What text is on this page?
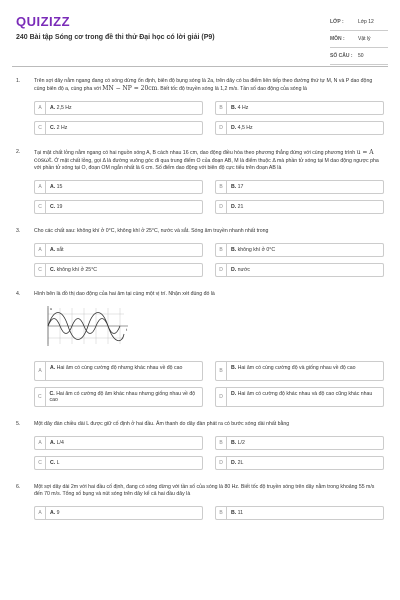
QUIZIZZ
240 Bài tập Sóng cơ trong đề thi thử Đại học có lời giải (P9)
LỚP :	Lớp 12
MÔN :	Vật lý
SỐ CÂU :	50
1.	Trên sợi dây nằm ngang đang có sóng dừng ổn định, biên độ bụng sóng là 2a, trên dây có ba điểm liên tiếp theo đường thứ tự M, N và P dao động cùng biên độ a, cùng pha với MN − NP = 20cm. Biết tốc độ truyền sóng là 1,2 m/s. Tần số dao động của sóng là
A	A. 2,5 Hz	B	B. 4 Hz
C	C. 2 Hz	D	D. 4,5 Hz
2.	Tại mặt chất lỏng nằm ngang có hai nguồn sóng A, B cách nhau 16 cm, dao động điều hòa theo phương thẳng đứng với cùng phương trình u = A cosωt. Ở mặt chất lỏng, gọi Δ là đường vuông góc đi qua trung điểm O của đoạn AB, M là điểm thuộc Δ mà phần tử sóng tại M dao động ngược pha với phần tử sóng tại O, đoạn OM ngắn nhất là 6 cm. Số điểm dao động với biên độ cực tiểu trên đoạn AB là
A	A. 15	B	B. 17
C	C. 19	D	D. 21
3.	Cho các chất sau: không khí ở 0°C, không khí ở 25°C, nước và sắt. Sóng âm truyền nhanh nhất trong
A	A. sắt	B	B. không khí ở 0°C
C	C. không khí ở 25°C	D	D. nước
4.	Hình bên là đồ thị dao động của hai âm tại cùng một vị trí. Nhận xét đúng đó là
u
t
A	A. Hai âm có cùng cường độ nhưng khác nhau về độ cao	B	B. Hai âm có cùng cường độ và giống nhau về độ cao
C	C. Hai âm có cường độ âm khác nhau nhưng giống nhau về độ cao	D	D. Hai âm có cường độ khác nhau và độ cao cũng khác nhau
5.	Một dây đàn chiều dài L được giữ cố định ở hai đầu. Âm thanh do dây đàn phát ra có bước sóng dài nhất bằng
A	A. L/4	B	B. L/2
C	C. L	D	D. 2L
6.	Một sợi dây dài 2m với hai đầu cố định, đang có sóng dừng với tần số của sóng là 80 Hz. Biết tốc độ truyền sóng trên dây nằm trong khoảng 55 m/s đến 70 m/s. Tổng số bụng và nút sóng trên dây kể cả hai đầu dây là
A	A. 9	B	B. 11
